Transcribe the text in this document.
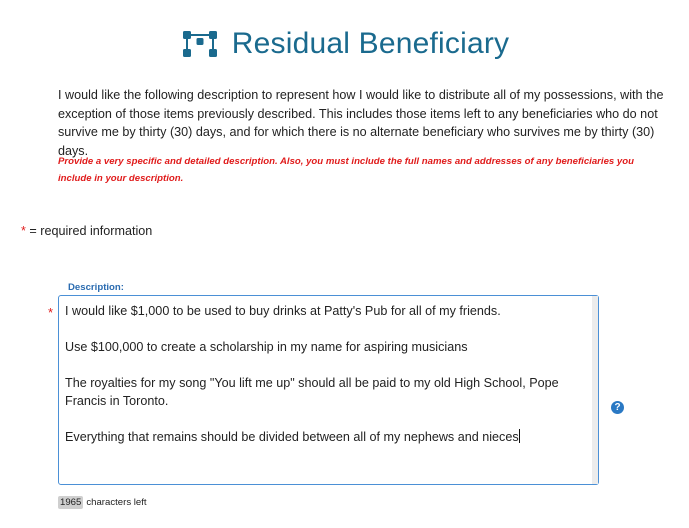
Residual Beneficiary
I would like the following description to represent how I would like to distribute all of my possessions, with the exception of those items previously described. This includes those items left to any beneficiaries who do not survive me by thirty (30) days, and for which there is no alternate beneficiary who survives me by thirty (30) days.
Provide a very specific and detailed description. Also, you must include the full names and addresses of any beneficiaries you include in your description.
* = required information
* I would like $1,000 to be used to buy drinks at Patty's Pub for all of my friends.

Use $100,000 to create a scholarship in my name for aspiring musicians

The royalties for my song "You lift me up" should all be paid to my old High School, Pope Francis in Toronto.

Everything that remains should be divided between all of my nephews and nieces

Description:
?
1965 characters left
